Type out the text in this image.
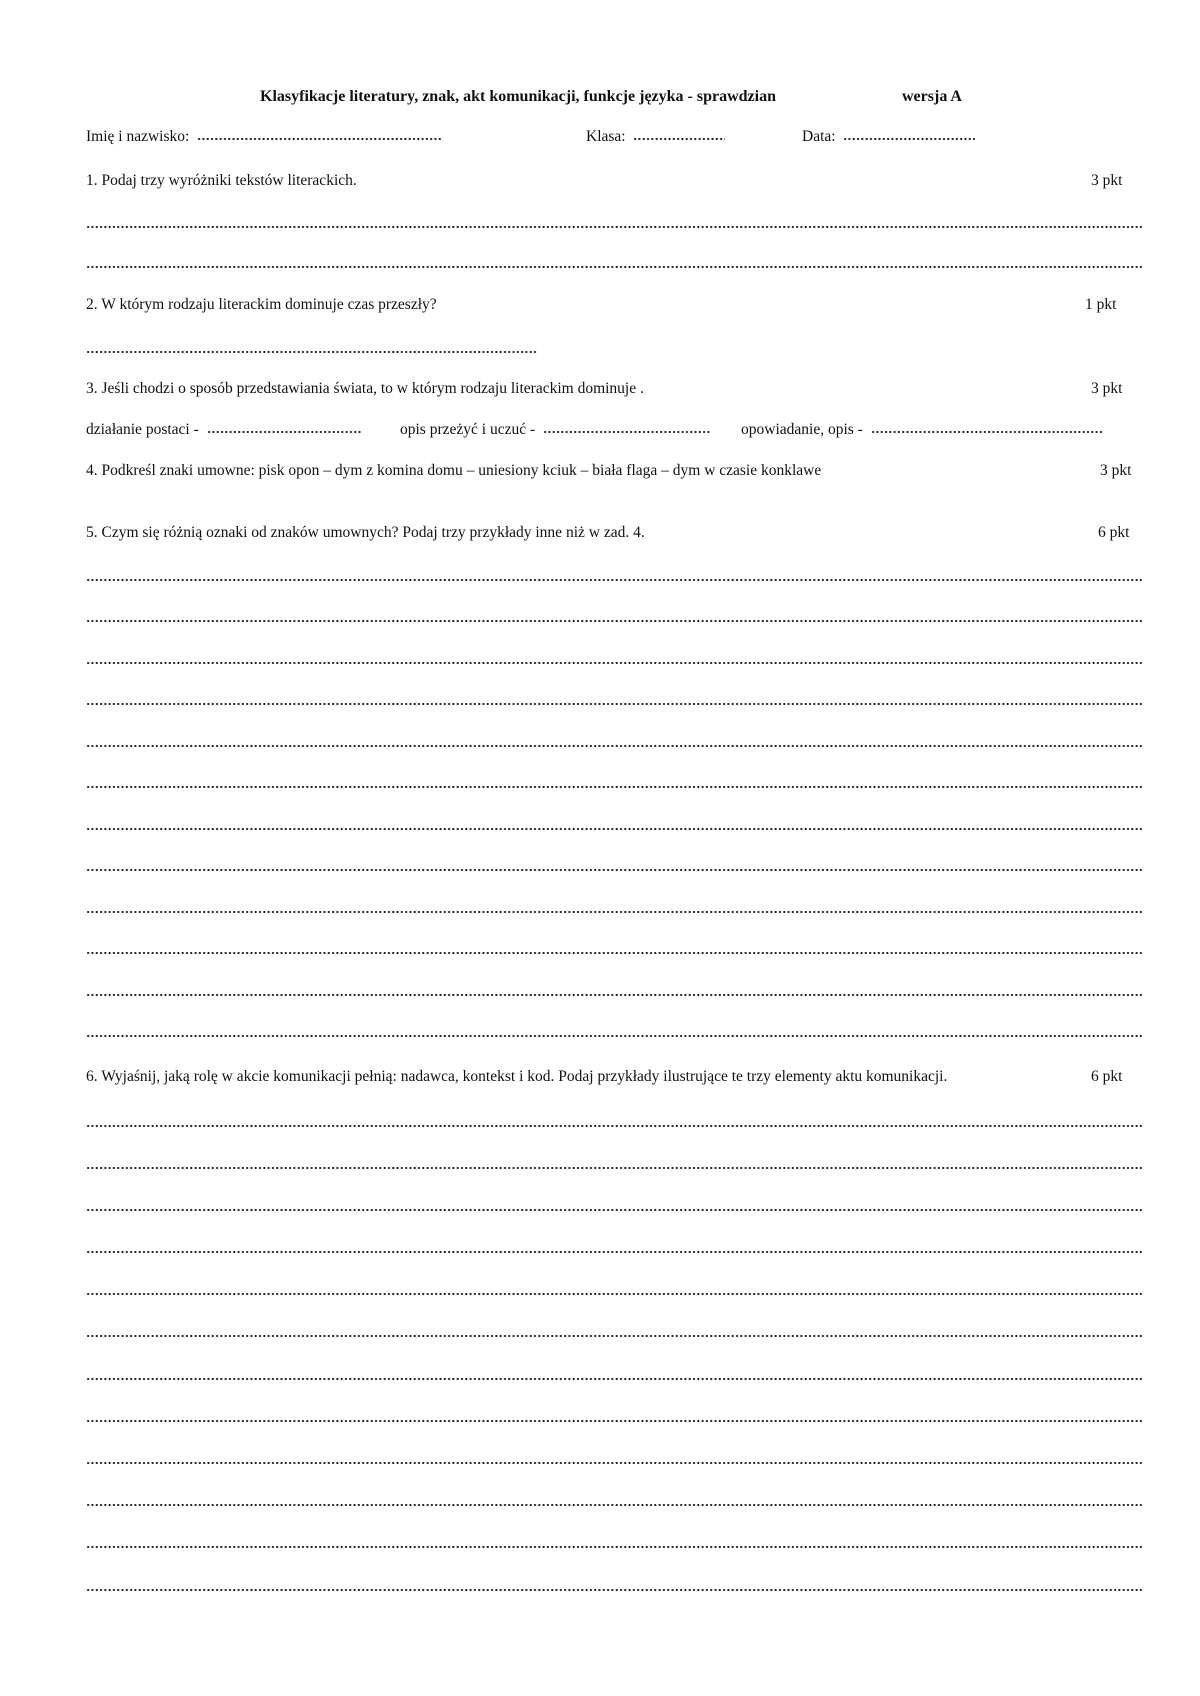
Klasyfikacje literatury, znak, akt komunikacji, funkcje języka - sprawdzian	wersja A
Imię i nazwisko:	Klasa:	Data:
1. Podaj trzy wyróżniki tekstów literackich.	3 pkt
2. W którym rodzaju literackim dominuje czas przeszły?	1 pkt
3. Jeśli chodzi o sposób przedstawiania świata, to w którym rodzaju literackim dominuje .	3 pkt
działanie postaci -	opis przeżyć i uczuć -	opowiadanie, opis -
4. Podkreśl znaki umowne: pisk opon – dym z komina domu – uniesiony kciuk – biała flaga – dym w czasie konklawe	3 pkt
5. Czym się różnią oznaki od znaków umownych? Podaj trzy przykłady inne niż w zad. 4.	6 pkt
6. Wyjaśnij, jaką rolę w akcie komunikacji pełnią: nadawca, kontekst i kod. Podaj przykłady ilustrujące te trzy elementy aktu komunikacji.	6 pkt
